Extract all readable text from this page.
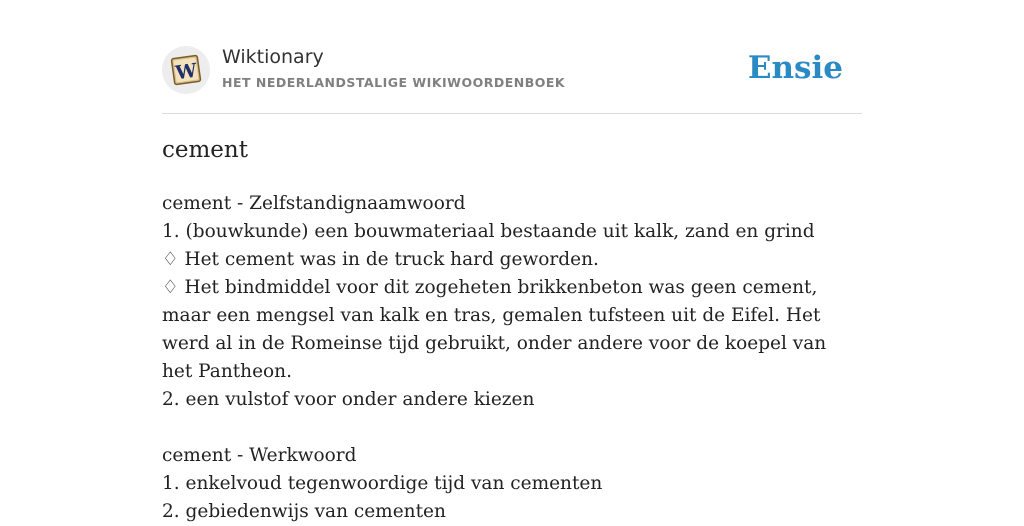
W
Wiktionary
HET NEDERLANDSTALIGE WIKIWOORDENBOEK	Ensie
cement
cement - Zelfstandignaamwoord
1. (bouwkunde) een bouwmateriaal bestaande uit kalk, zand en grind
♢ Het cement was in de truck hard geworden.
♢ Het bindmiddel voor dit zogeheten brikkenbeton was geen cement, maar een mengsel van kalk en tras, gemalen tufsteen uit de Eifel. Het werd al in de Romeinse tijd gebruikt, onder andere voor de koepel van het Pantheon.
2. een vulstof voor onder andere kiezen
cement - Werkwoord
1. enkelvoud tegenwoordige tijd van cementen
2. gebiedenwijs van cementen
